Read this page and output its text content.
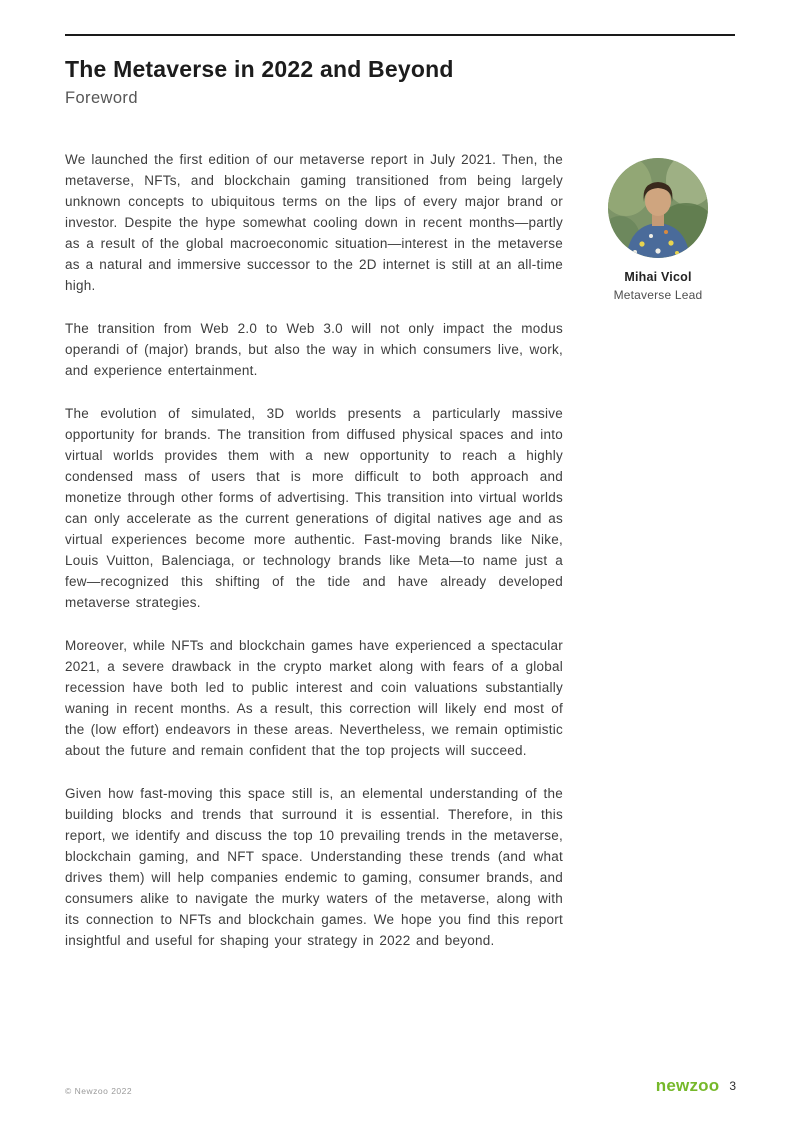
The Metaverse in 2022 and Beyond
Foreword

We launched the first edition of our metaverse report in July 2021. Then, the metaverse, NFTs, and blockchain gaming transitioned from being largely unknown concepts to ubiquitous terms on the lips of every major brand or investor. Despite the hype somewhat cooling down in recent months—partly as a result of the global macroeconomic situation—interest in the metaverse as a natural and immersive successor to the 2D internet is still at an all-time high.

The transition from Web 2.0 to Web 3.0 will not only impact the modus operandi of (major) brands, but also the way in which consumers live, work, and experience entertainment.

The evolution of simulated, 3D worlds presents a particularly massive opportunity for brands. The transition from diffused physical spaces and into virtual worlds provides them with a new opportunity to reach a highly condensed mass of users that is more difficult to both approach and monetize through other forms of advertising. This transition into virtual worlds can only accelerate as the current generations of digital natives age and as virtual experiences become more authentic. Fast-moving brands like Nike, Louis Vuitton, Balenciaga, or technology brands like Meta—to name just a few—recognized this shifting of the tide and have already developed metaverse strategies.

Moreover, while NFTs and blockchain games have experienced a spectacular 2021, a severe drawback in the crypto market along with fears of a global recession have both led to public interest and coin valuations substantially waning in recent months. As a result, this correction will likely end most of the (low effort) endeavors in these areas. Nevertheless, we remain optimistic about the future and remain confident that the top projects will succeed.

Given how fast-moving this space still is, an elemental understanding of the building blocks and trends that surround it is essential. Therefore, in this report, we identify and discuss the top 10 prevailing trends in the metaverse, blockchain gaming, and NFT space. Understanding these trends (and what drives them) will help companies endemic to gaming, consumer brands, and consumers alike to navigate the murky waters of the metaverse, along with its connection to NFTs and blockchain games. We hope you find this report insightful and useful for shaping your strategy in 2022 and beyond.

Mihai Vicol
Metaverse Lead
© Newzoo 2022	newzoo 3
